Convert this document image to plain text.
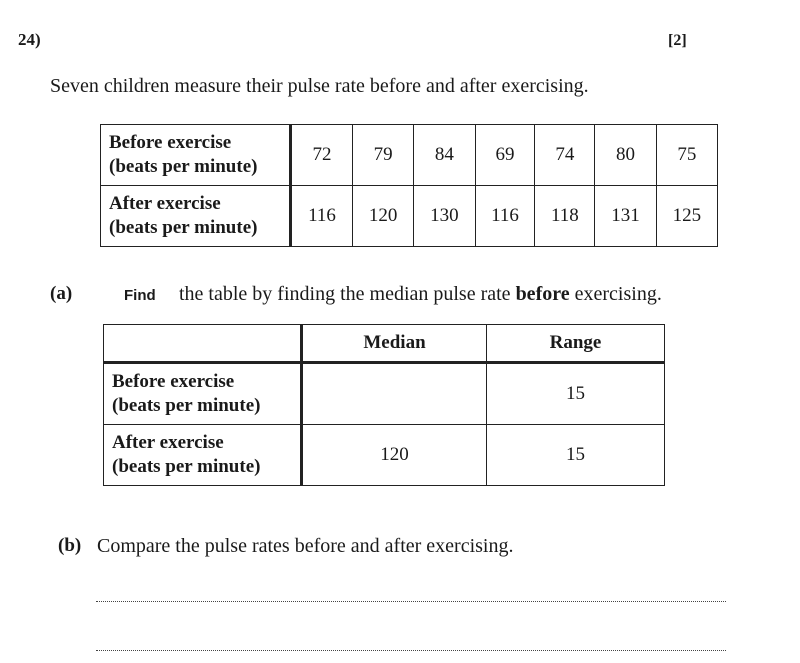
24)	[2]
Seven children measure their pulse rate before and after exercising.
Before exercise
(beats per minute)	72	79	84	69	74	80	75

After exercise
(beats per minute)	116	120	130	116	118	131	125
(a)	Find the table by finding the median pulse rate before exercising.
	Median	Range

Before exercise
(beats per minute)		15

After exercise
(beats per minute)	120	15
(b) Compare the pulse rates before and after exercising.
